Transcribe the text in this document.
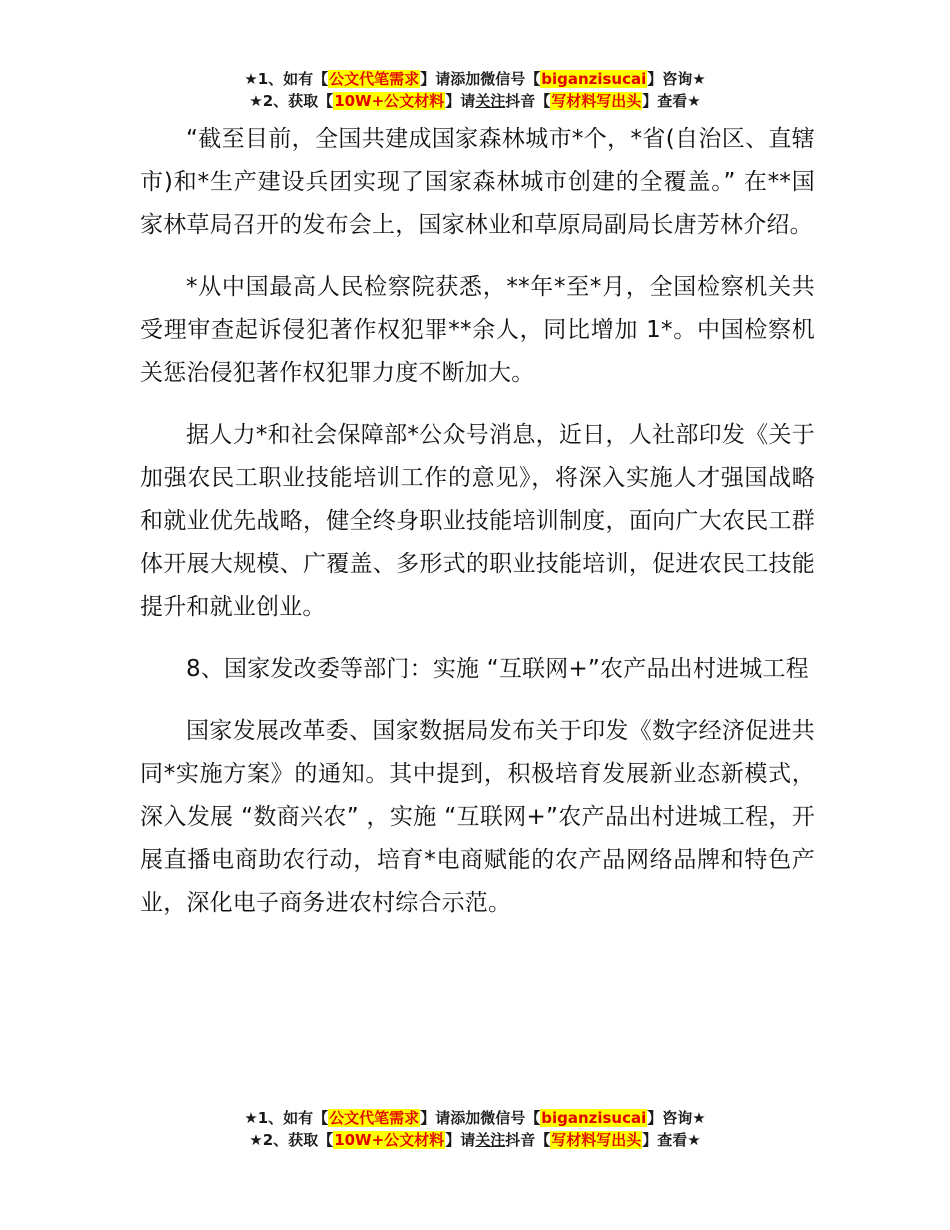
★1、如有【公文代笔需求】请添加微信号【biganzisucai】咨询★
★2、获取【10W+公文材料】请关注抖音【写材料写出头】查看★

“截至目前，全国共建成国家森林城市*个，*省(自治区、直辖市)和*生产建设兵团实现了国家森林城市创建的全覆盖。” 在**国家林草局召开的发布会上，国家林业和草原局副局长唐芳林介绍。

*从中国最高人民检察院获悉，**年*至*月，全国检察机关共受理审查起诉侵犯著作权犯罪**余人，同比增加 1*。中国检察机关惩治侵犯著作权犯罪力度不断加大。

据人力*和社会保障部*公众号消息，近日，人社部印发《关于加强农民工职业技能培训工作的意见》，将深入实施人才强国战略和就业优先战略，健全终身职业技能培训制度，面向广大农民工群体开展大规模、广覆盖、多形式的职业技能培训，促进农民工技能提升和就业创业。

8、国家发改委等部门：实施 “互联网+”农产品出村进城工程

国家发展改革委、国家数据局发布关于印发《数字经济促进共同*实施方案》的通知。其中提到，积极培育发展新业态新模式，深入发展 “数商兴农” ，实施 “互联网+”农产品出村进城工程，开展直播电商助农行动，培育*电商赋能的农产品网络品牌和特色产业，深化电子商务进农村综合示范。

★1、如有【公文代笔需求】请添加微信号【biganzisucai】咨询★
★2、获取【10W+公文材料】请关注抖音【写材料写出头】查看★
